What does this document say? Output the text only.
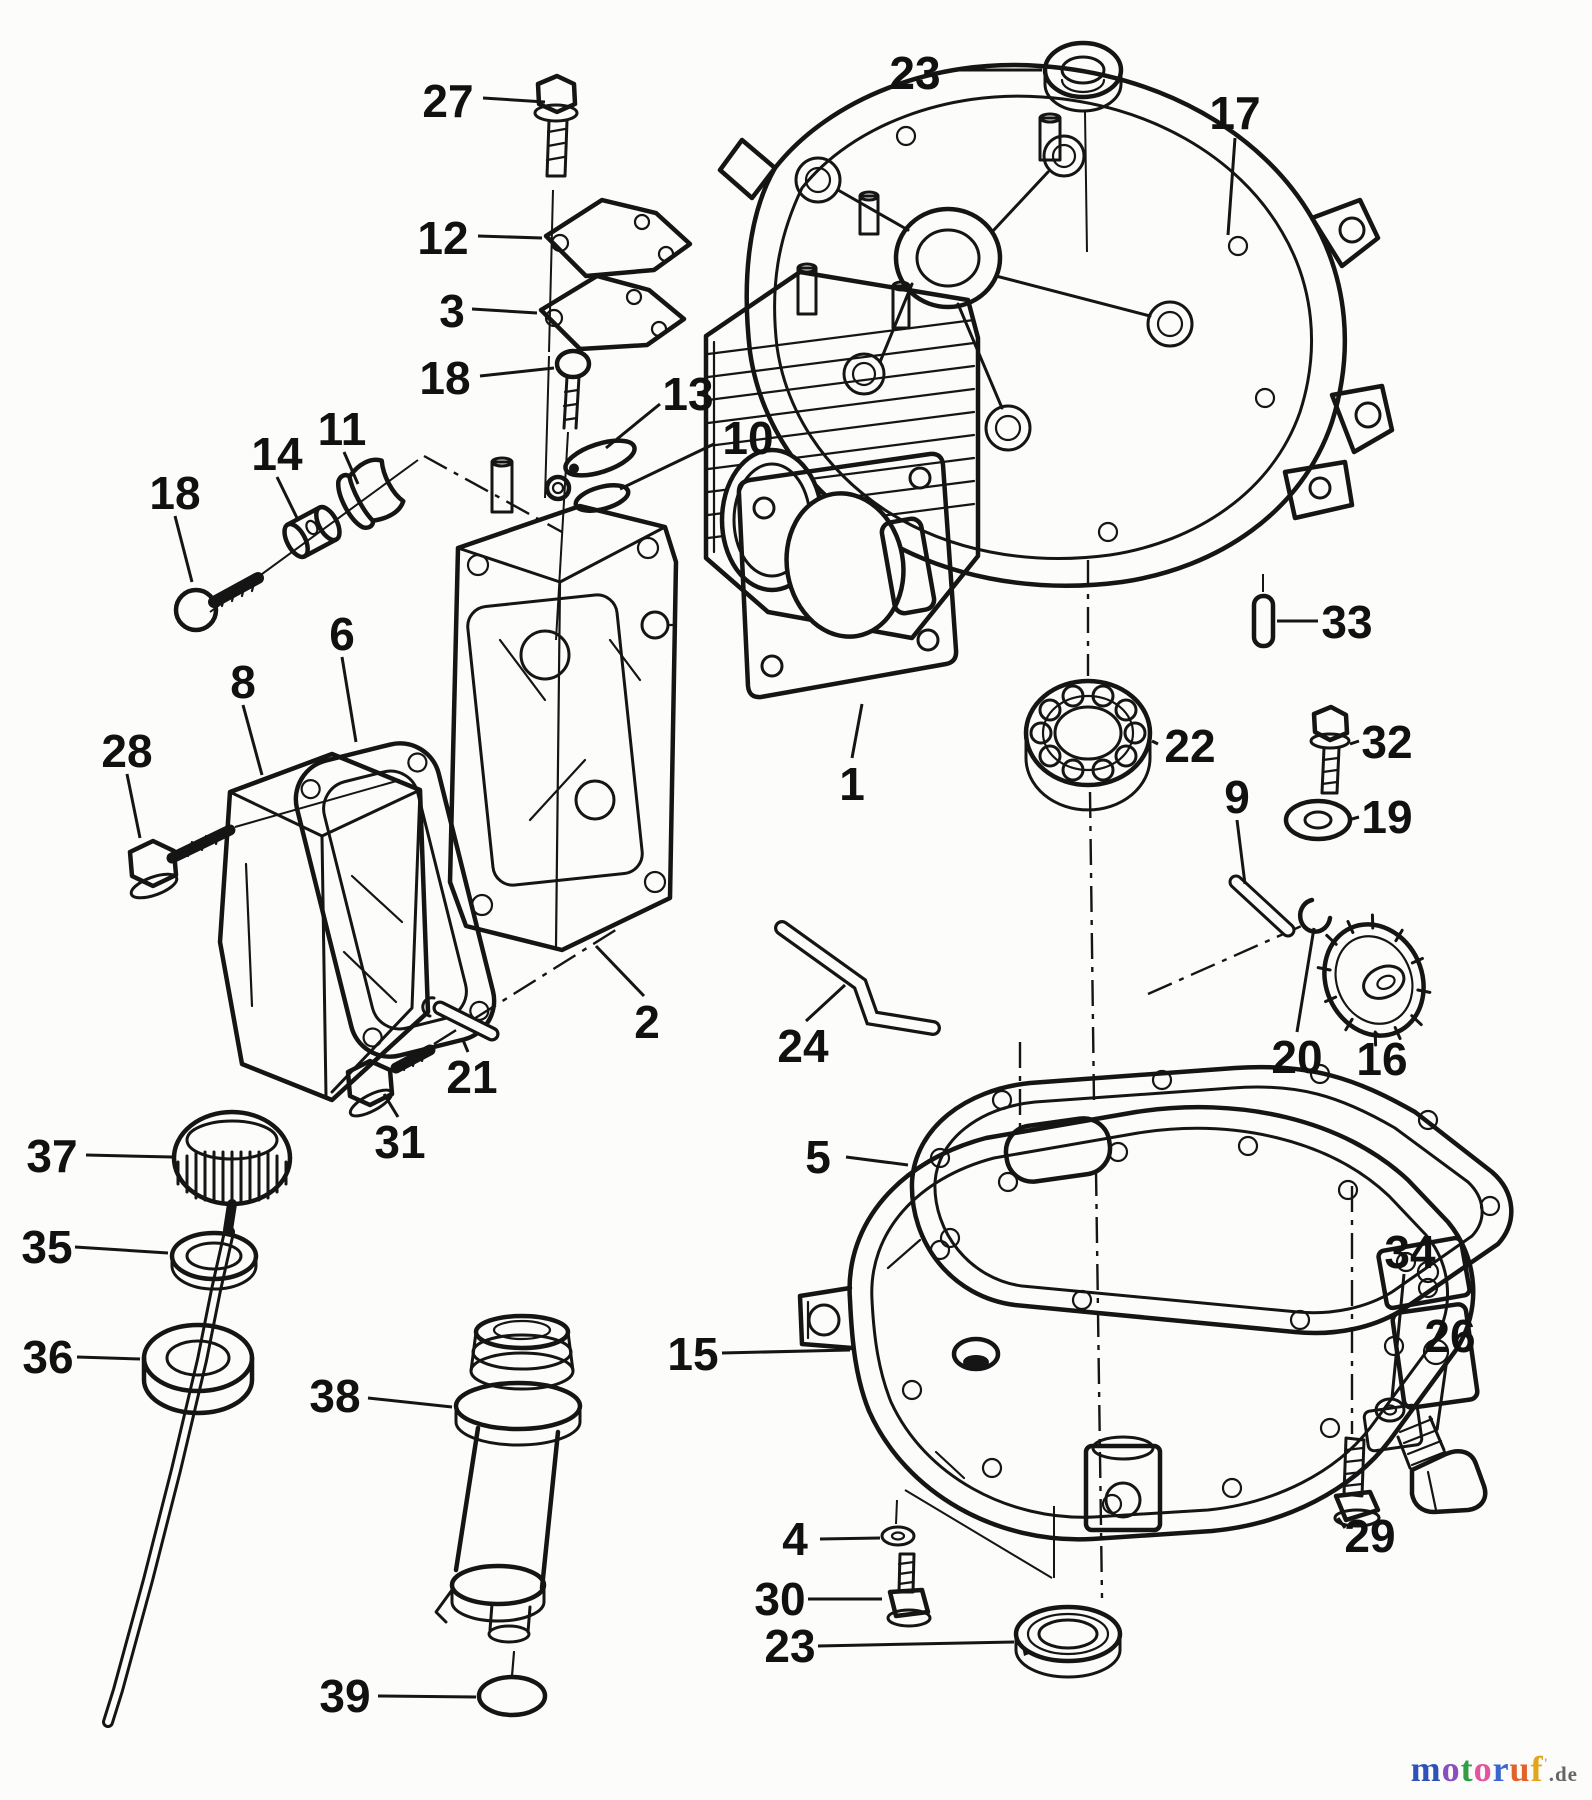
27
12
3
18	13
10
23
17
14 11
18
6
8
28
1
2
22
33
32
19
9
20 16
21
31
24
5
15
37
35
36
38
39
34
26
29
4
30
23
motoruf'.de
